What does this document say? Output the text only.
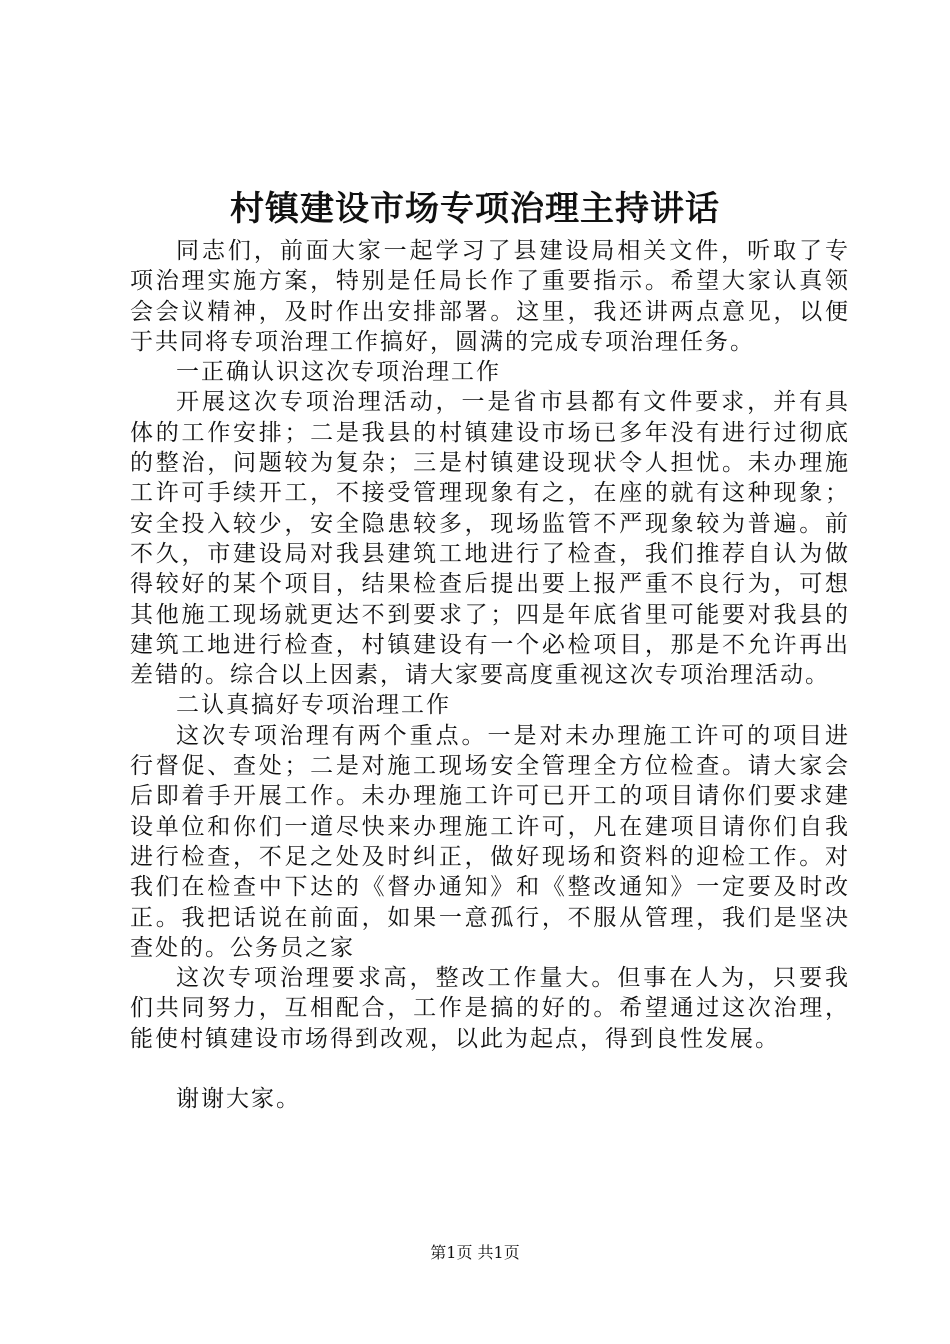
村镇建设市场专项治理主持讲话

同志们，前面大家一起学习了县建设局相关文件，听取了专项治理实施方案，特别是任局长作了重要指示。希望大家认真领会会议精神，及时作出安排部署。这里，我还讲两点意见，以便于共同将专项治理工作搞好，圆满的完成专项治理任务。

一正确认识这次专项治理工作

开展这次专项治理活动，一是省市县都有文件要求，并有具体的工作安排；二是我县的村镇建设市场已多年没有进行过彻底的整治，问题较为复杂；三是村镇建设现状令人担忧。未办理施工许可手续开工，不接受管理现象有之，在座的就有这种现象；安全投入较少，安全隐患较多，现场监管不严现象较为普遍。前不久，市建设局对我县建筑工地进行了检查，我们推荐自认为做得较好的某个项目，结果检查后提出要上报严重不良行为，可想其他施工现场就更达不到要求了；四是年底省里可能要对我县的建筑工地进行检查，村镇建设有一个必检项目，那是不允许再出差错的。综合以上因素，请大家要高度重视这次专项治理活动。

二认真搞好专项治理工作

这次专项治理有两个重点。一是对未办理施工许可的项目进行督促、查处；二是对施工现场安全管理全方位检查。请大家会后即着手开展工作。未办理施工许可已开工的项目请你们要求建设单位和你们一道尽快来办理施工许可，凡在建项目请你们自我进行检查，不足之处及时纠正，做好现场和资料的迎检工作。对我们在检查中下达的《督办通知》和《整改通知》一定要及时改正。我把话说在前面，如果一意孤行，不服从管理，我们是坚决查处的。公务员之家

这次专项治理要求高，整改工作量大。但事在人为，只要我们共同努力，互相配合，工作是搞的好的。希望通过这次治理，能使村镇建设市场得到改观，以此为起点，得到良性发展。

谢谢大家。

第1页 共1页
